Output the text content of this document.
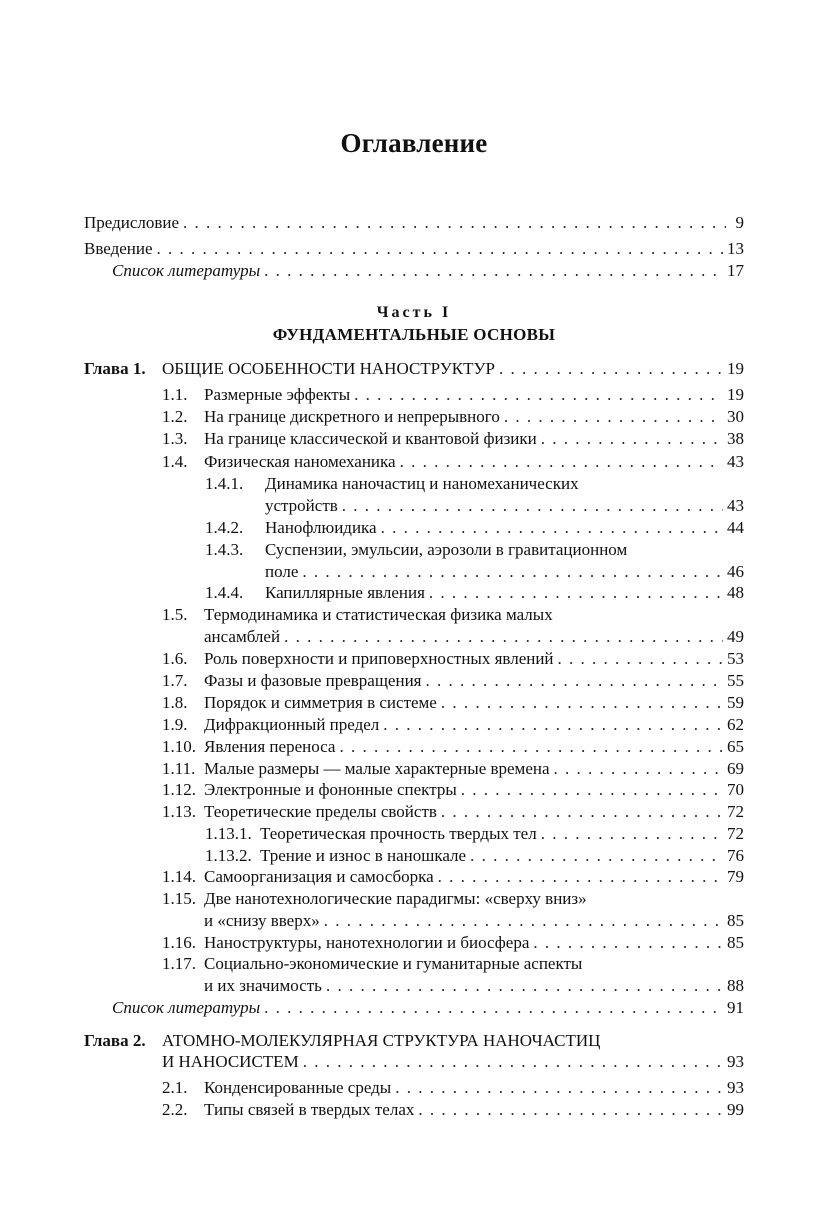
Оглавление
Предисловие . . .	9
Введение . . .	13
Список литературы . . .	17
Часть I
ФУНДАМЕНТАЛЬНЫЕ ОСНОВЫ
Глава 1. ОБЩИЕ ОСОБЕННОСТИ НАНОСТРУКТУР . . .	19
1.1. Размерные эффекты . . .	19
1.2. На границе дискретного и непрерывного . . .	30
1.3. На границе классической и квантовой физики . . .	38
1.4. Физическая наномеханика . . .	43
1.4.1. Динамика наночастиц и наномеханических
устройств . . .	43
1.4.2.	Нанофлюидика . . .	44
1.4.3. Суспензии, эмульсии, аэрозоли в гравитационном
поле . . .	46
1.4.4.	Капиллярные явления . . .	48
1.5. Термодинамика и статистическая физика малых
ансамблей . . .	49
1.6. Роль поверхности и приповерхностных явлений . . .	53
1.7. Фазы и фазовые превращения . . .	55
1.8. Порядок и симметрия в системе . . .	59
1.9. Дифракционный предел . . .	62
1.10. Явления переноса . . .	65
1.11. Малые размеры — малые характерные времена . . .	69
1.12. Электронные и фононные спектры . . .	70
1.13. Теоретические пределы свойств . . .	72
1.13.1. Теоретическая прочность твердых тел . . .	72
1.13.2. Трение и износ в наношкале . . .	76
1.14. Самоорганизация и самосборка . . .	79
1.15. Две нанотехнологические парадигмы: «сверху вниз»
и «снизу вверх» . . .	85
1.16. Наноструктуры, нанотехнологии и биосфера . . .	85
1.17. Социально-экономические и гуманитарные аспекты
и их значимость . . .	88
Список литературы . . .	91
Глава 2. АТОМНО-МОЛЕКУЛЯРНАЯ СТРУКТУРА НАНОЧАСТИЦ
И НАНОСИСТЕМ . . .	93
2.1. Конденсированные среды . . .	93
2.2. Типы связей в твердых телах . . .	99
